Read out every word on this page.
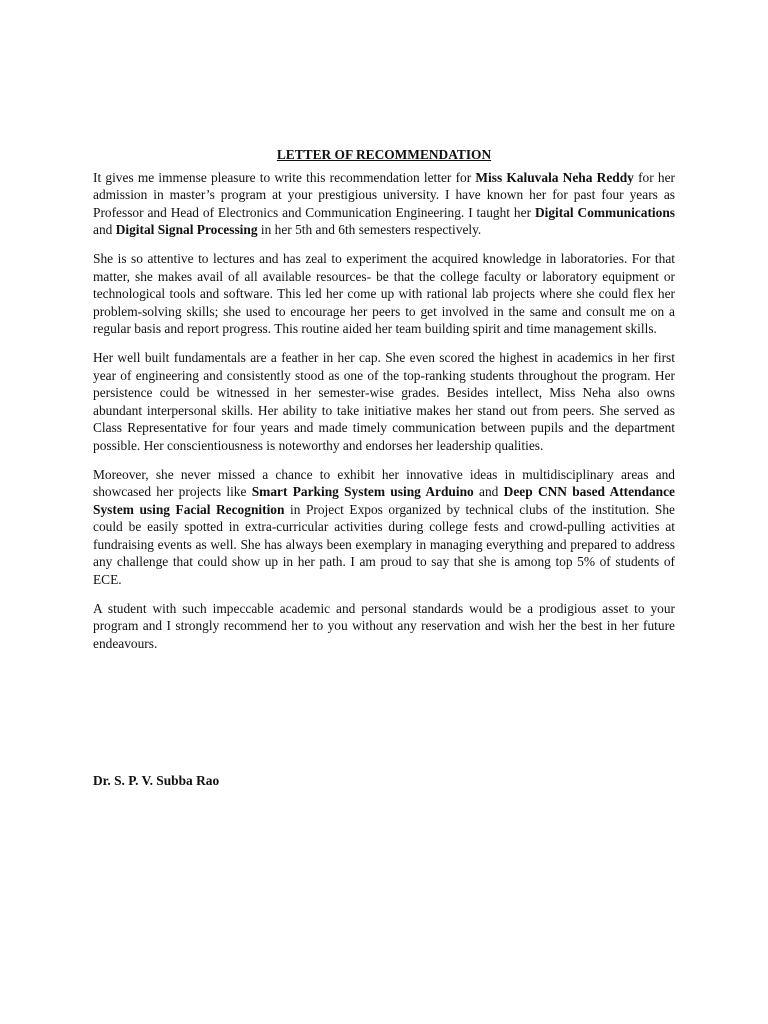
LETTER OF RECOMMENDATION

It gives me immense pleasure to write this recommendation letter for Miss Kaluvala Neha Reddy for her admission in master’s program at your prestigious university. I have known her for past four years as Professor and Head of Electronics and Communication Engineering. I taught her Digital Communications and Digital Signal Processing in her 5th and 6th semesters respectively.

She is so attentive to lectures and has zeal to experiment the acquired knowledge in laboratories. For that matter, she makes avail of all available resources- be that the college faculty or laboratory equipment or technological tools and software. This led her come up with rational lab projects where she could flex her problem-solving skills; she used to encourage her peers to get involved in the same and consult me on a regular basis and report progress. This routine aided her team building spirit and time management skills.

Her well built fundamentals are a feather in her cap. She even scored the highest in academics in her first year of engineering and consistently stood as one of the top-ranking students throughout the program. Her persistence could be witnessed in her semester-wise grades. Besides intellect, Miss Neha also owns abundant interpersonal skills. Her ability to take initiative makes her stand out from peers. She served as Class Representative for four years and made timely communication between pupils and the department possible. Her conscientiousness is noteworthy and endorses her leadership qualities.

Moreover, she never missed a chance to exhibit her innovative ideas in multidisciplinary areas and showcased her projects like Smart Parking System using Arduino and Deep CNN based Attendance System using Facial Recognition in Project Expos organized by technical clubs of the institution. She could be easily spotted in extra-curricular activities during college fests and crowd-pulling activities at fundraising events as well. She has always been exemplary in managing everything and prepared to address any challenge that could show up in her path. I am proud to say that she is among top 5% of students of ECE.

A student with such impeccable academic and personal standards would be a prodigious asset to your program and I strongly recommend her to you without any reservation and wish her the best in her future endeavours.

Dr. S. P. V. Subba Rao
